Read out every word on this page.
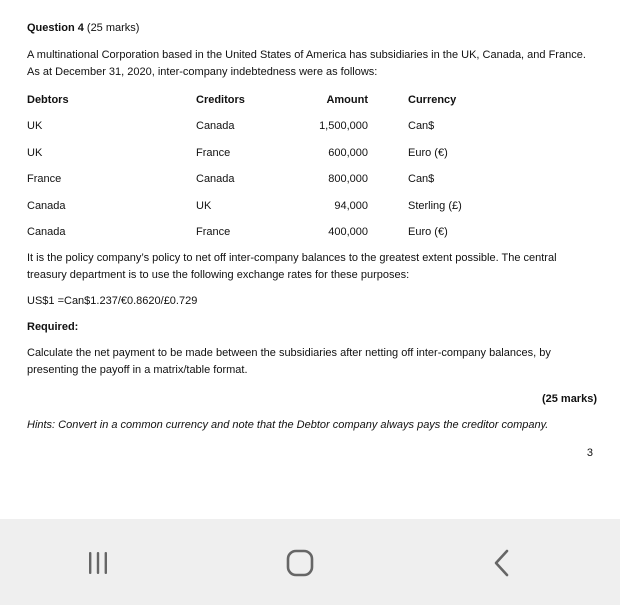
Question 4 (25 marks)

A multinational Corporation based in the United States of America has subsidiaries in the UK, Canada, and France. As at December 31, 2020, inter-company indebtedness were as follows:

Debtors	Creditors	Amount	Currency
UK	Canada	1,500,000	Can$
UK	France	600,000	Euro (€)
France	Canada	800,000	Can$
Canada	UK	94,000	Sterling (£)
Canada	France	400,000	Euro (€)

It is the policy company’s policy to net off inter-company balances to the greatest extent possible. The central treasury department is to use the following exchange rates for these purposes:

US$1 =Can$1.237/€0.8620/£0.729

Required:

Calculate the net payment to be made between the subsidiaries after netting off inter-company balances, by presenting the payoff in a matrix/table format.

(25 marks)

Hints: Convert in a common currency and note that the Debtor company always pays the creditor company.

3
